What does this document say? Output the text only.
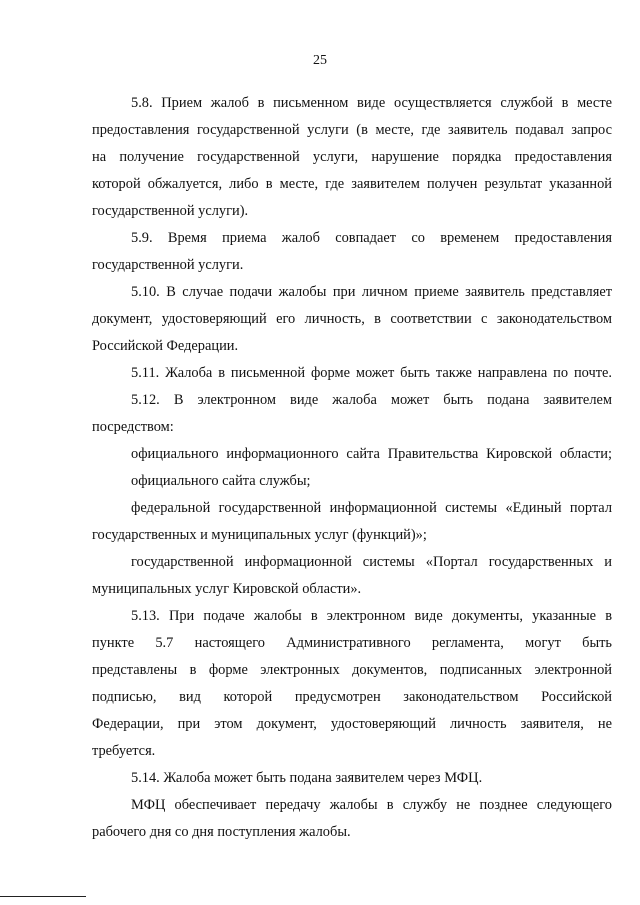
25
5.8. Прием жалоб в письменном виде осуществляется службой в месте
предоставления государственной услуги (в месте, где заявитель подавал запрос
на получение государственной услуги, нарушение порядка предоставления
которой обжалуется, либо в месте, где заявителем получен результат указанной
государственной услуги).
5.9. Время приема жалоб совпадает со временем предоставления
государственной услуги.
5.10. В случае подачи жалобы при личном приеме заявитель представляет
документ, удостоверяющий его личность, в соответствии с законодательством
Российской Федерации.
5.11. Жалоба в письменной форме может быть также направлена по почте.
5.12. В электронном виде жалоба может быть подана заявителем
посредством:
официального информационного сайта Правительства Кировской области;
официального сайта службы;
федеральной государственной информационной системы «Единый портал
государственных и муниципальных услуг (функций)»;
государственной информационной системы «Портал государственных и
муниципальных услуг Кировской области».
5.13. При подаче жалобы в электронном виде документы, указанные в
пункте 5.7 настоящего Административного регламента, могут быть
представлены в форме электронных документов, подписанных электронной
подписью, вид которой предусмотрен законодательством Российской
Федерации, при этом документ, удостоверяющий личность заявителя, не
требуется.
5.14. Жалоба может быть подана заявителем через МФЦ.
МФЦ обеспечивает передачу жалобы в службу не позднее следующего
рабочего дня со дня поступления жалобы.
